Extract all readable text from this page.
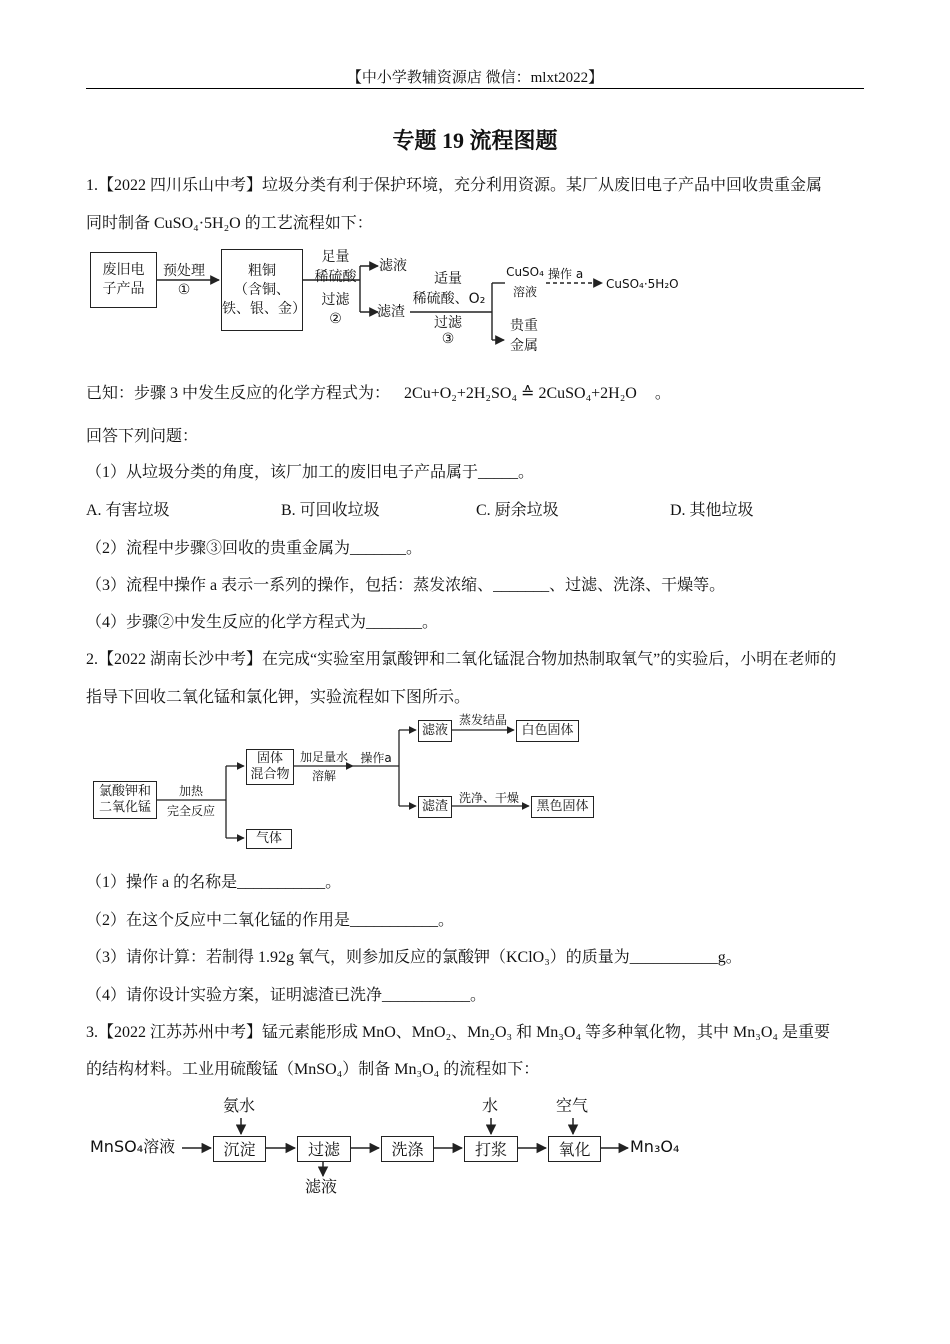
【中小学教辅资源店 微信：mlxt2022】
专题 19 流程图题
1.【2022 四川乐山中考】垃圾分类有利于保护环境，充分利用资源。某厂从废旧电子产品中回收贵重金属
同时制备 CuSO₄·5H₂O 的工艺流程如下：
废旧电
子产品
预处理
①
粗铜
（含铜、
铁、银、金）
足量
稀硫酸
过滤
②
滤液
滤渣
适量
稀硫酸、O₂
过滤
③
CuSO₄
溶液
操作 a
CuSO₄·5H₂O
贵重
金属
已知：步骤 3 中发生反应的化学方程式为： 2Cu+O₂+2H₂SO₄ ≙ 2CuSO₄+2H₂O 。
回答下列问题：
（1）从垃圾分类的角度，该厂加工的废旧电子产品属于_____。
A. 有害垃圾	B. 可回收垃圾	C. 厨余垃圾	D. 其他垃圾
（2）流程中步骤③回收的贵重金属为_______。
（3）流程中操作 a 表示一系列的操作，包括：蒸发浓缩、_______、过滤、洗涤、干燥等。
（4）步骤②中发生反应的化学方程式为_______。
2.【2022 湖南长沙中考】在完成“实验室用氯酸钾和二氧化锰混合物加热制取氧气”的实验后，小明在老师的
指导下回收二氧化锰和氯化钾，实验流程如下图所示。
氯酸钾和
二氧化锰
加热
完全反应
固体
混合物
气体
加足量水
溶解
操作a
滤液
滤渣
蒸发结晶
洗净、干燥
白色固体
黑色固体
（1）操作 a 的名称是___________。
（2）在这个反应中二氧化锰的作用是___________。
（3）请你计算：若制得 1.92g 氧气，则参加反应的氯酸钾（KClO₃）的质量为___________g。
（4）请你设计实验方案，证明滤渣已洗净___________。
3.【2022 江苏苏州中考】锰元素能形成 MnO、MnO₂、Mn₂O₃ 和 Mn₃O₄ 等多种氧化物，其中 Mn₃O₄ 是重要
的结构材料。工业用硫酸锰（MnSO₄）制备 Mn₃O₄ 的流程如下：
MnSO₄溶液
氨水	水	空气
沉淀	过滤	洗涤	打浆	氧化	Mn₃O₄
滤液
